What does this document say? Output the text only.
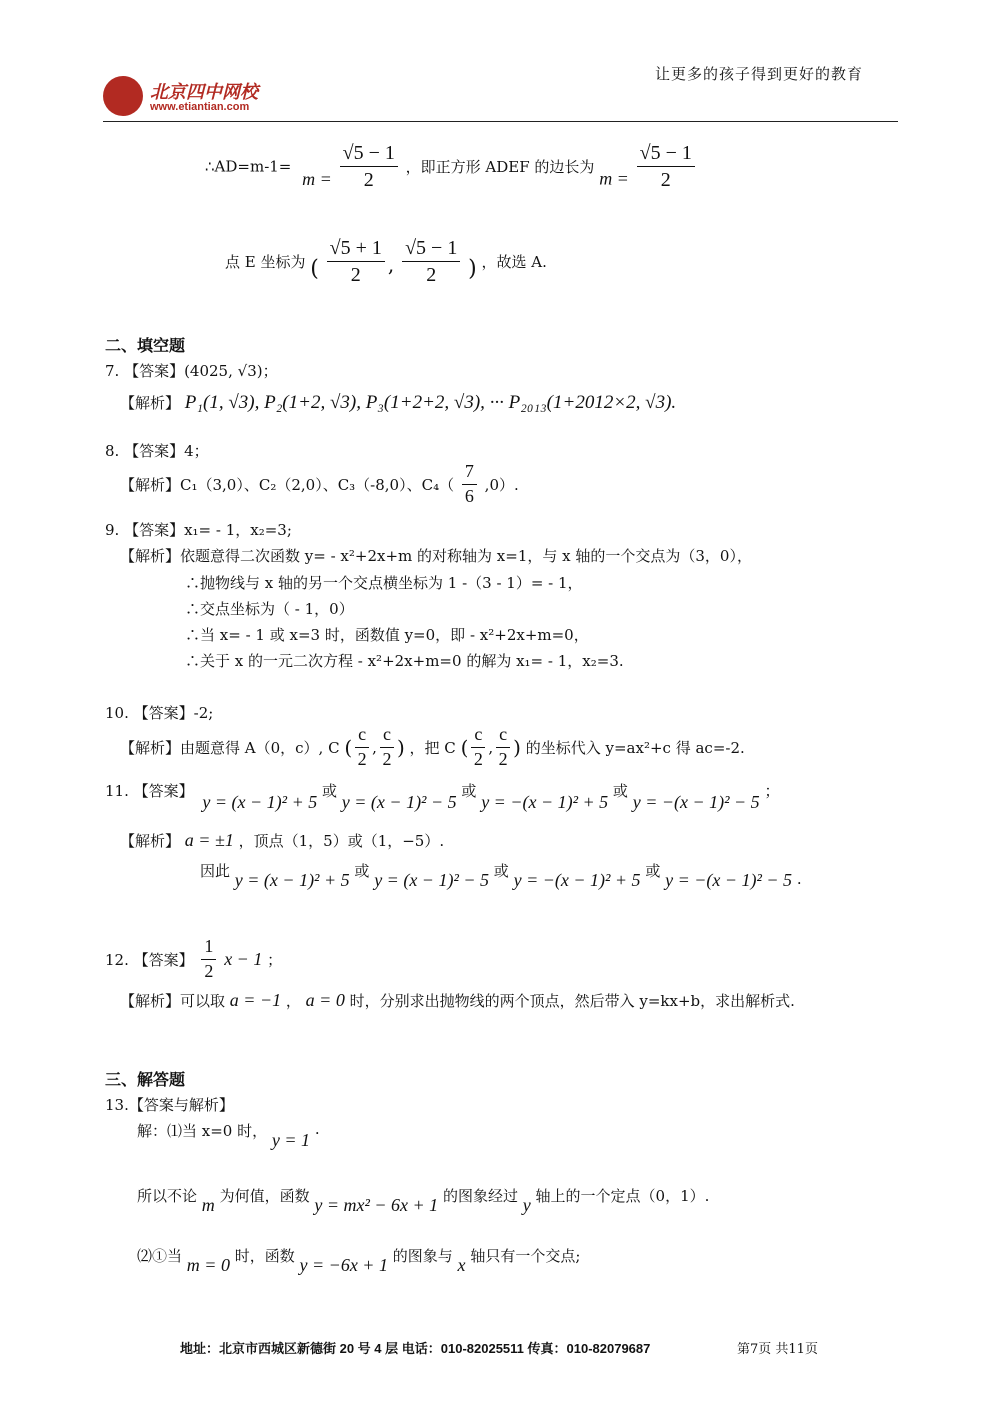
北京四中网校
www.etiantian.com
让更多的孩子得到更好的教育
∴AD=m-1= $m = \frac{√5 - 1}{2}$ ，即正方形 ADEF 的边长为 $m = \frac{√5 - 1}{2}$
点 E 坐标为 ( $\frac{√5 + 1}{2}$ , $\frac{√5 - 1}{2}$ ) ，故选 A.
二、填空题
7. 【答案】(4025, √3)；
【解析】 P₁(1, √3), P₂(1+2, √3), P₃(1+2+2, √3), ··· P₂₀₁₃(1+2012×2, √3).
8. 【答案】4；
【解析】C₁（3,0）、C₂（2,0）、C₃（-8,0）、$C_4( \frac{7}{6} ,0)$.
9. 【答案】x₁= - 1，x₂=3;
【解析】依题意得二次函数 y= - x²+2x+m 的对称轴为 x=1，与 x 轴的一个交点为（3，0），
∴抛物线与 x 轴的另一个交点横坐标为 1 -（3 - 1）= - 1，
∴交点坐标为（ - 1，0）
∴当 x= - 1 或 x=3 时，函数值 y=0，即 - x²+2x+m=0，
∴关于 x 的一元二次方程 - x²+2x+m=0 的解为 x₁= - 1，x₂=3.
10. 【答案】-2;
【解析】由题意得 A（0，c）, C ( $\frac{c}{2}$ , $\frac{c}{2}$ ) ，把 C ( $\frac{c}{2}$ , $\frac{c}{2}$ ) 的坐标代入 y=ax²+c 得 ac=-2.
11. 【答案】 y = (x − 1)² + 5 或 y = (x − 1)² − 5 或 y = −(x − 1)² + 5 或 y = −(x − 1)² − 5 ；
【解析】 a = ±1 ，顶点（1，5）或（1，−5）.
因此 y = (x − 1)² + 5 或 y = (x − 1)² − 5 或 y = −(x − 1)² + 5 或 y = −(x − 1)² − 5 .
12. 【答案】 $\frac{1}{2}$ x − 1 ；
【解析】可以取 a = −1 ， a = 0 时，分别求出抛物线的两个顶点，然后带入 y=kx+b，求出解析式.
三、解答题
13.【答案与解析】
解：⑴当 x=0 时， y = 1 .
所以不论 m 为何值，函数 y = mx² − 6x + 1 的图象经过 y 轴上的一个定点（0，1）.
⑵①当 m = 0 时，函数 y = −6x + 1 的图象与 x 轴只有一个交点;
地址：北京市西城区新德街 20 号 4 层 电话：010-82025511 传真：010-82079687	第7页 共11页
